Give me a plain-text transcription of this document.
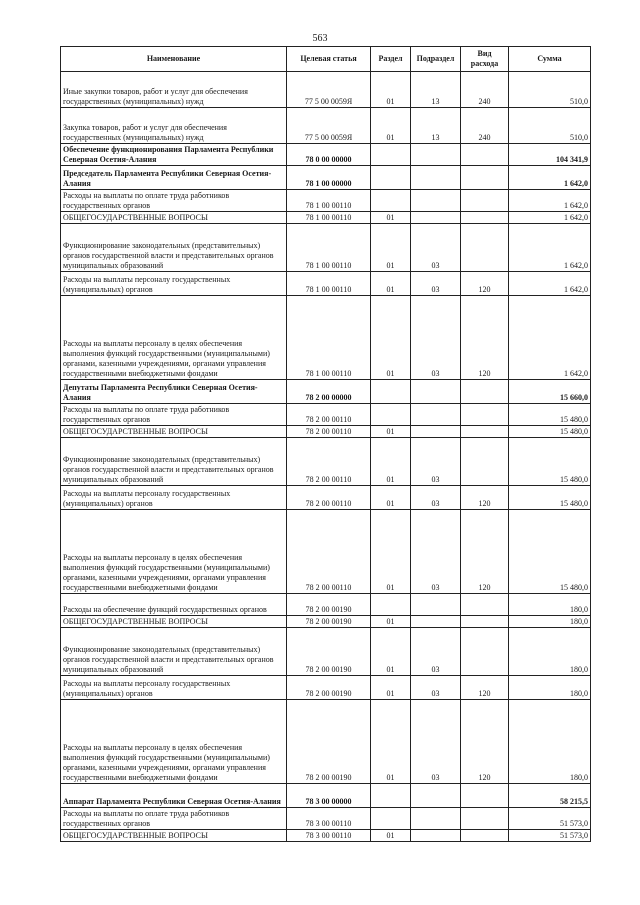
563
Наименование	Целевая статья	Раздел	Подраздел	Вид расхода	Сумма
Иные закупки товаров, работ и услуг для обеспечения государственных (муниципальных) нужд	77 5 00 0059Я	01	13	240	510,0
Закупка товаров, работ и услуг для обеспечения государственных (муниципальных) нужд	77 5 00 0059Я	01	13	240	510,0
Обеспечение функционирования Парламента Республики Северная Осетия-Алания	78 0 00 00000				104 341,9
Председатель Парламента Республики Северная Осетия-Алания	78 1 00 00000				1 642,0
Расходы на выплаты по оплате труда работников государственных органов	78 1 00 00110				1 642,0
ОБЩЕГОСУДАРСТВЕННЫЕ ВОПРОСЫ	78 1 00 00110	01			1 642,0
Функционирование законодательных (представительных) органов государственной власти и представительных органов муниципальных образований	78 1 00 00110	01	03		1 642,0
Расходы на выплаты персоналу государственных (муниципальных) органов	78 1 00 00110	01	03	120	1 642,0
Расходы на выплаты персоналу в целях обеспечения выполнения функций государственными (муниципальными) органами, казенными учреждениями, органами управления государственными внебюджетными фондами	78 1 00 00110	01	03	120	1 642,0
Депутаты Парламента Республики Северная Осетия-Алания	78 2 00 00000				15 660,0
Расходы на выплаты по оплате труда работников государственных органов	78 2 00 00110				15 480,0
ОБЩЕГОСУДАРСТВЕННЫЕ ВОПРОСЫ	78 2 00 00110	01			15 480,0
Функционирование законодательных (представительных) органов государственной власти и представительных органов муниципальных образований	78 2 00 00110	01	03		15 480,0
Расходы на выплаты персоналу государственных (муниципальных) органов	78 2 00 00110	01	03	120	15 480,0
Расходы на выплаты персоналу в целях обеспечения выполнения функций государственными (муниципальными) органами, казенными учреждениями, органами управления государственными внебюджетными фондами	78 2 00 00110	01	03	120	15 480,0
Расходы на обеспечение функций государственных органов	78 2 00 00190				180,0
ОБЩЕГОСУДАРСТВЕННЫЕ ВОПРОСЫ	78 2 00 00190	01			180,0
Функционирование законодательных (представительных) органов государственной власти и представительных органов муниципальных образований	78 2 00 00190	01	03		180,0
Расходы на выплаты персоналу государственных (муниципальных) органов	78 2 00 00190	01	03	120	180,0
Расходы на выплаты персоналу в целях обеспечения выполнения функций государственными (муниципальными) органами, казенными учреждениями, органами управления государственными внебюджетными фондами	78 2 00 00190	01	03	120	180,0
Аппарат Парламента Республики Северная Осетия-Алания	78 3 00 00000				58 215,5
Расходы на выплаты по оплате труда работников государственных органов	78 3 00 00110				51 573,0
ОБЩЕГОСУДАРСТВЕННЫЕ ВОПРОСЫ	78 3 00 00110	01			51 573,0
